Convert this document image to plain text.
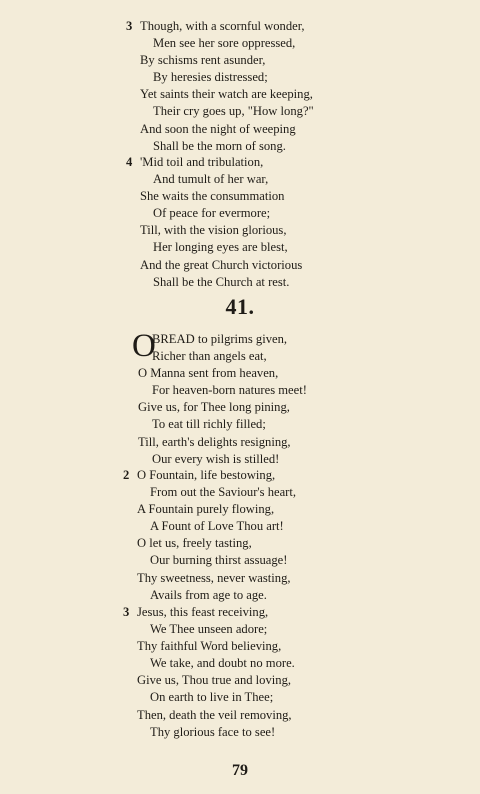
3 Though, with a scornful wonder,
Men see her sore oppressed,
By schisms rent asunder,
By heresies distressed;
Yet saints their watch are keeping,
Their cry goes up, "How long?"
And soon the night of weeping
Shall be the morn of song.
4 'Mid toil and tribulation,
And tumult of her war,
She waits the consummation
Of peace for evermore;
Till, with the vision glorious,
Her longing eyes are blest,
And the great Church victorious
Shall be the Church at rest.
41.
O
BREAD to pilgrims given,
Richer than angels eat,
O Manna sent from heaven,
For heaven-born natures meet!
Give us, for Thee long pining,
To eat till richly filled;
Till, earth's delights resigning,
Our every wish is stilled!
2 O Fountain, life bestowing,
From out the Saviour's heart,
A Fountain purely flowing,
A Fount of Love Thou art!
O let us, freely tasting,
Our burning thirst assuage!
Thy sweetness, never wasting,
Avails from age to age.
3 Jesus, this feast receiving,
We Thee unseen adore;
Thy faithful Word believing,
We take, and doubt no more.
Give us, Thou true and loving,
On earth to live in Thee;
Then, death the veil removing,
Thy glorious face to see!
79
